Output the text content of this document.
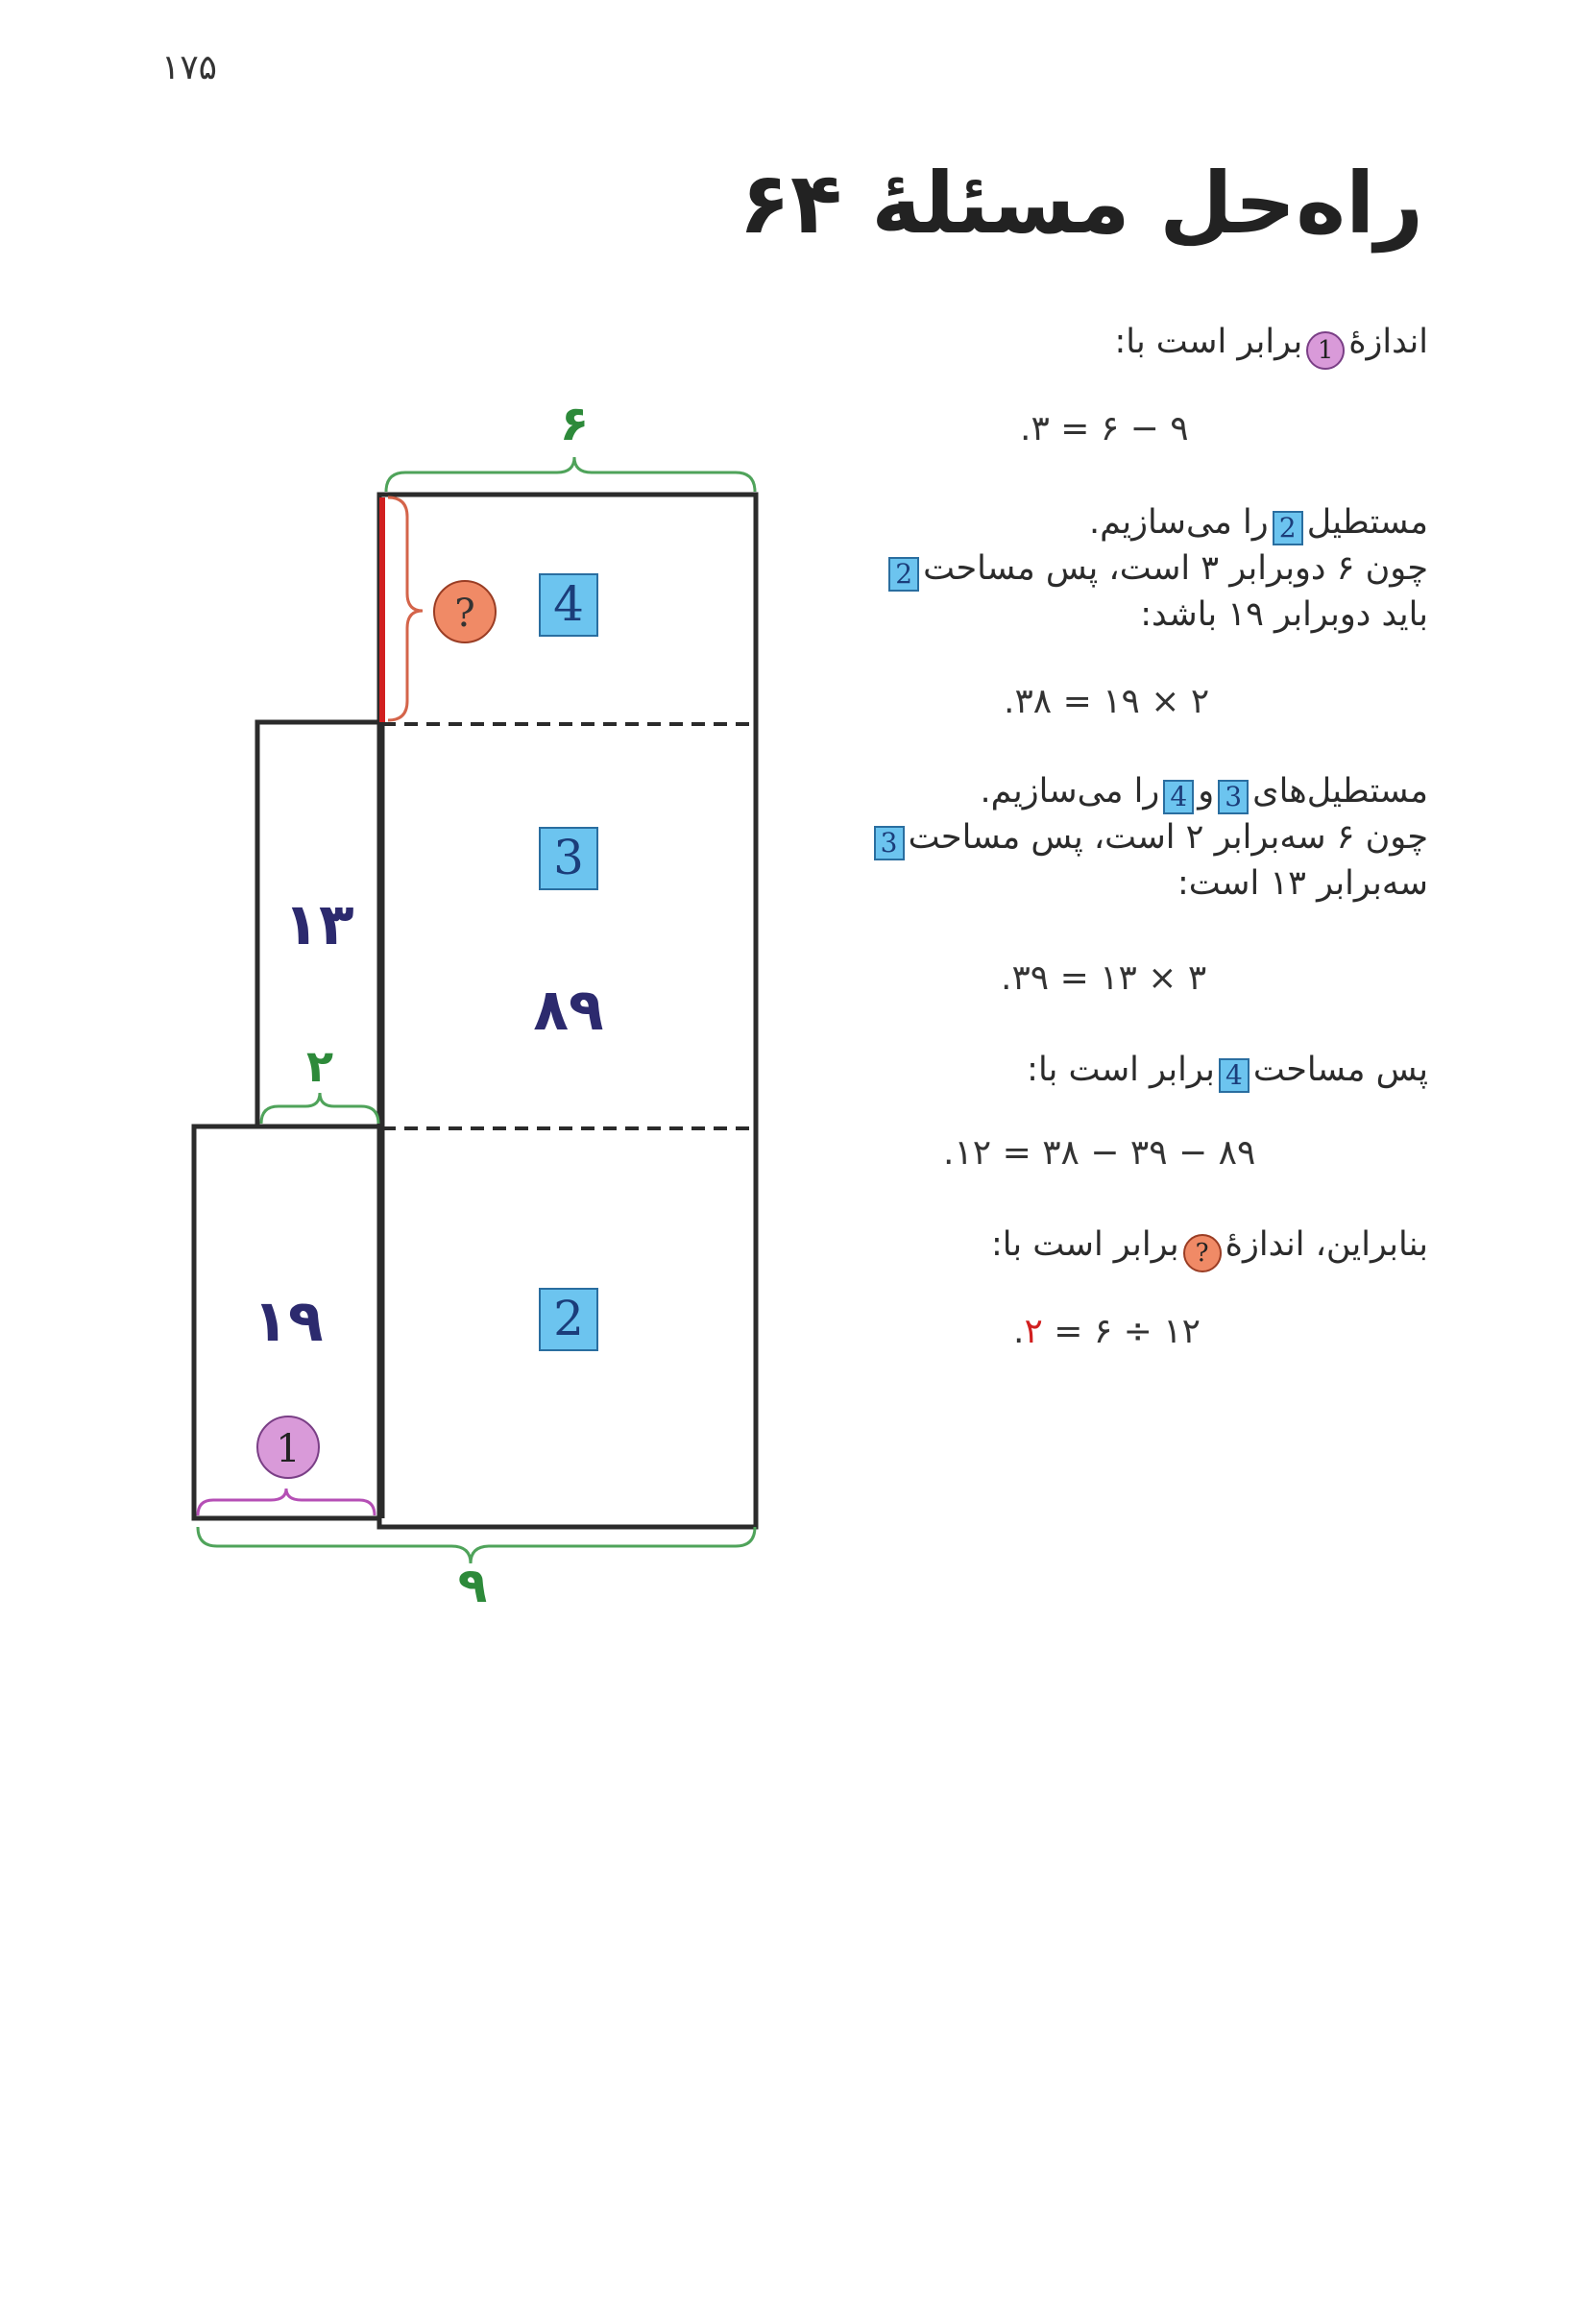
۱۷۵
راه‌حل مسئلهٔ ۶۴
۶
۲
۹
۱۳
۸۹
۱۹
4
3
2
?
1

اندازهٔ1برابر است با:

۹ − ۶ = ۳.

مستطیل2را می‌سازیم.

چون ۶ دوبرابر ۳ است، پس مساحت2

باید دوبرابر ۱۹ باشد:

۲ × ۱۹ = ۳۸.

مستطیل‌های3و4را می‌سازیم.

چون ۶ سه‌برابر ۲ است، پس مساحت3

سه‌برابر ۱۳ است:

۳ × ۱۳ = ۳۹.

پس مساحت4برابر است با:

۸۹ − ۳۹ − ۳۸ = ۱۲.

بنابراین، اندازهٔ?برابر است با:

۱۲ ÷ ۶ = ۲.
